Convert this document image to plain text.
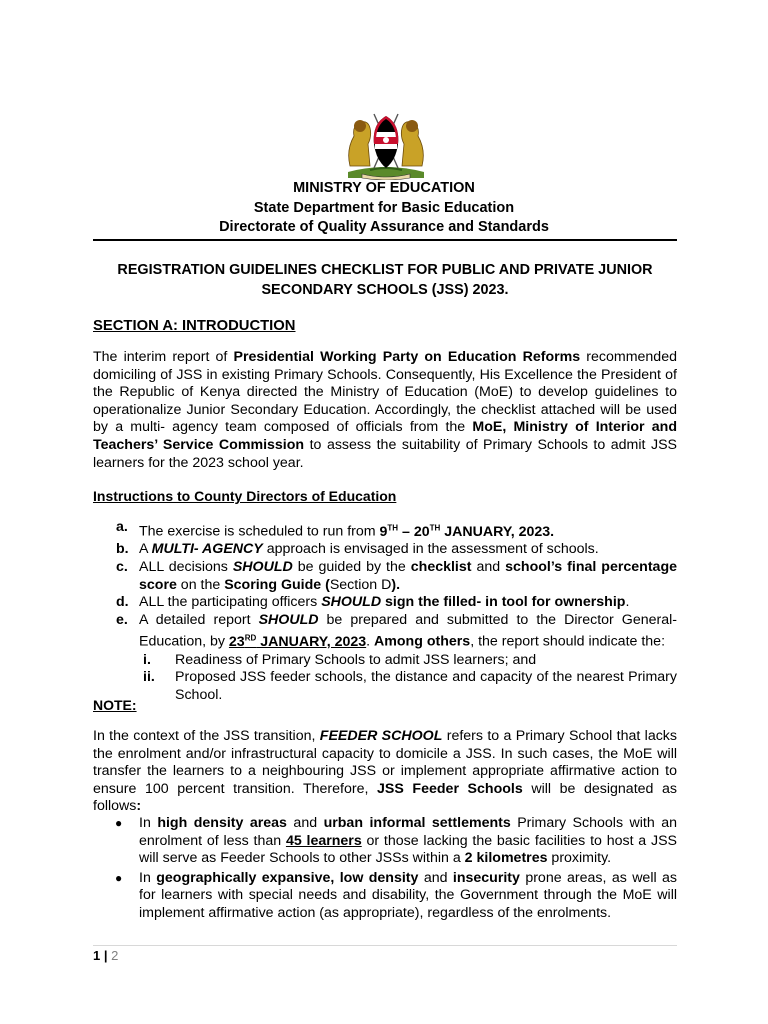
MINISTRY OF EDUCATION
State Department for Basic Education
Directorate of Quality Assurance and Standards
REGISTRATION GUIDELINES CHECKLIST FOR PUBLIC AND PRIVATE JUNIOR
SECONDARY SCHOOLS (JSS) 2023.
SECTION A: INTRODUCTION
The interim report of Presidential Working Party on Education Reforms recommended domiciling of JSS in existing Primary Schools. Consequently, His Excellence the President of the Republic of Kenya directed the Ministry of Education (MoE) to develop guidelines to operationalize Junior Secondary Education. Accordingly, the checklist attached will be used by a multi- agency team composed of officials from the MoE, Ministry of Interior and Teachers’ Service Commission to assess the suitability of Primary Schools to admit JSS learners for the 2023 school year.
Instructions to County Directors of Education
a. The exercise is scheduled to run from 9TH – 20TH JANUARY, 2023.
b. A MULTI- AGENCY approach is envisaged in the assessment of schools.
c. ALL decisions SHOULD be guided by the checklist and school’s final percentage score on the Scoring Guide (Section D).
d. ALL the participating officers SHOULD sign the filled- in tool for ownership.
e. A detailed report SHOULD be prepared and submitted to the Director General- Education, by 23RD JANUARY, 2023. Among others, the report should indicate the:
i. Readiness of Primary Schools to admit JSS learners; and
ii. Proposed JSS feeder schools, the distance and capacity of the nearest Primary School.
NOTE:
In the context of the JSS transition, FEEDER SCHOOL refers to a Primary School that lacks the enrolment and/or infrastructural capacity to domicile a JSS. In such cases, the MoE will transfer the learners to a neighbouring JSS or implement appropriate affirmative action to ensure 100 percent transition. Therefore, JSS Feeder Schools will be designated as follows:
● In high density areas and urban informal settlements Primary Schools with an enrolment of less than 45 learners or those lacking the basic facilities to host a JSS will serve as Feeder Schools to other JSSs within a 2 kilometres proximity.
● In geographically expansive, low density and insecurity prone areas, as well as for learners with special needs and disability, the Government through the MoE will implement affirmative action (as appropriate), regardless of the enrolments.
1 | 2
